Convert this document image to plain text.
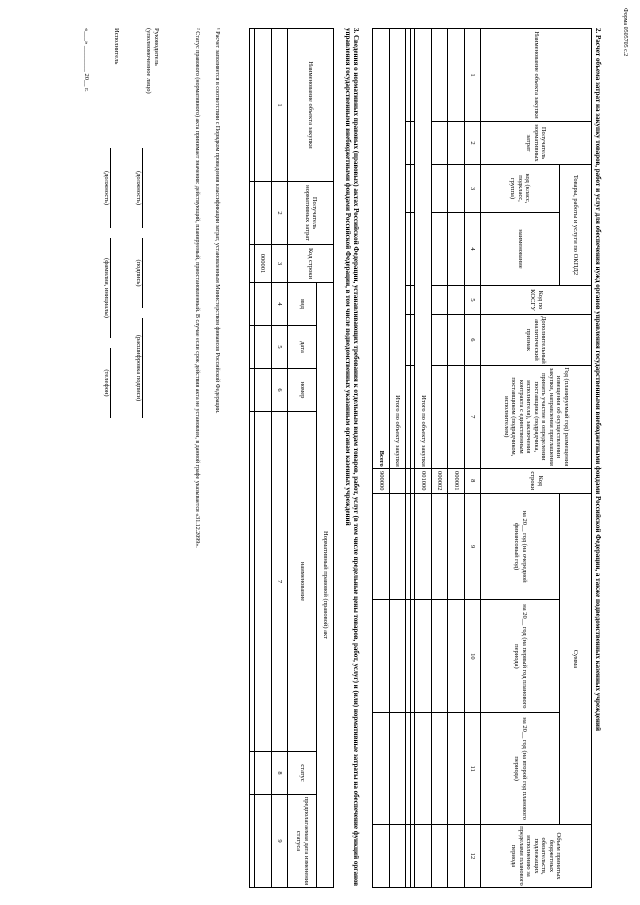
Форма 0505705 с.2
2. Расчет объема затрат на закупку товаров, работ и услуг для обеспечения нужд органов управления государственными внебюджетными фондами Российской Федерации, а также подведомственных казенных учреждений
Наименование объекта закупки	Получатель нормативных затрат	Товары, работы и услуги по ОКПД2		Код по КОСГУ	Дополнительный аналитический признак	Год (планируемый год) размещения извещения об осуществлении закупки, направления приглашения принять участие в определении поставщика (подрядчика, исполнителя), заключения контракта с единственным поставщиком (подрядчиком, исполнителем)	Код строки	Сумма			Объем принятых бюджетных обязательств, подлежащих исполнению за пределами планового периода
		код (класс, подкласс, группа)	наименование					на 20__ год (на очередной финансовый год)	на 20__ год (на первый год планового периода)	на 20__ год (на второй год планового периода)	
1	2	3	4	5	6	7	8	9	10	11	12
							000001				
							000002				
Итого по объекту закупки							001000				

Итого по объекту закупки											
Всего							900000				
3. Сведения о нормативных правовых (правовых) актах Российской Федерации, устанавливающих требования к отдельным видам товаров, работ, услуг (в том числе предельные цены товаров, работ, услуг) и (или) нормативные затраты на обеспечение функций органов управления государственными внебюджетными фондами Российской Федерации, в том числе подведомственных указанным органам казенных учреждений
Наименование объекта закупки	Получатель нормативных затрат	Код строки	Нормативный правовой (правовой) акт					
			вид	дата	номер	наименование	статус	предполагаемая дата изменения статуса
1	2	3	4	5	6	7	8	9
		000001						

¹ Расчет заполняется в соответствии с Порядком проведения классификации затрат, установленным Министерством финансов Российской Федерации.
² Статус правового (нормативного) акта принимает значения: действующий, планируемый, приостановленный. В случае если срок действия акта не установлен, в данной графе указывается «31.12.2099».
Руководитель
(уполномоченное лицо)
(должность)
(подпись)
(расшифровка подписи)
Исполнитель
(должность)
(фамилия, инициалы)
(телефон)
«___» ________ 20__ г.
